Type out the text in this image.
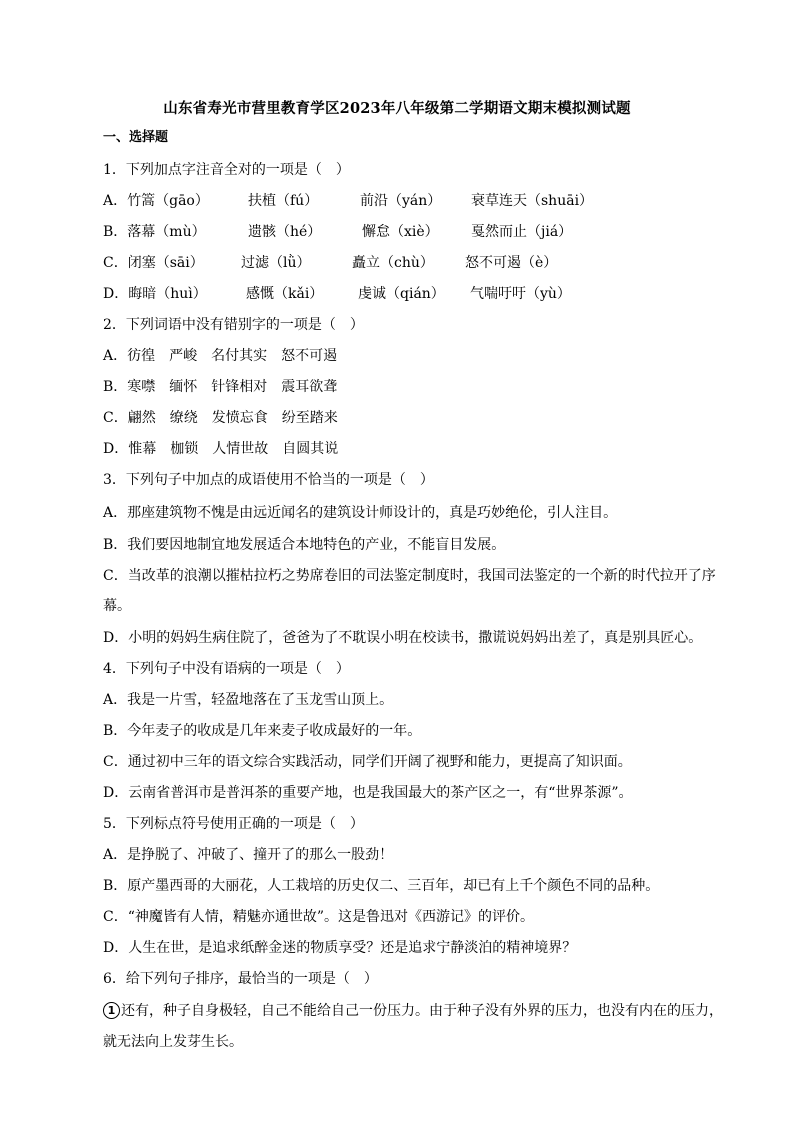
山东省寿光市营里教育学区2023年八年级第二学期语文期末模拟测试题
一、选择题
1．下列加点字注音全对的一项是（　）
A．竹篙（gāo）	扶植（fú）	前沿（yán） 衰草连天（shuāi）
B．落幕（mù）	遗骸（hé）	懈怠（xiè） 戛然而止（jiá）
C．闭塞（sāi）	过滤（lǜ）	矗立（chù） 怒不可遏（è）
D．晦暗（huì）	感慨（kǎi） 虔诚（qián） 气喘吁吁（yù）
2．下列词语中没有错别字的一项是（　）
A．彷徨　严峻　名付其实　怒不可遏
B．寒噤　缅怀　针锋相对　震耳欲聋
C．翩然　缭绕　发愤忘食　纷至踏来
D．惟幕　枷锁　人情世故　自圆其说
3．下列句子中加点的成语使用不恰当的一项是（　）
A．那座建筑物不愧是由远近闻名的建筑设计师设计的，真是巧妙绝伦，引人注目。
B．我们要因地制宜地发展适合本地特色的产业，不能盲目发展。
C．当改革的浪潮以摧枯拉朽之势席卷旧的司法鉴定制度时，我国司法鉴定的一个新的时代拉开了序
幕。
D．小明的妈妈生病住院了，爸爸为了不耽误小明在校读书，撒谎说妈妈出差了，真是别具匠心。
4．下列句子中没有语病的一项是（　）
A．我是一片雪，轻盈地落在了玉龙雪山顶上。
B．今年麦子的收成是几年来麦子收成最好的一年。
C．通过初中三年的语文综合实践活动，同学们开阔了视野和能力，更提高了知识面。
D．云南省普洱市是普洱茶的重要产地，也是我国最大的茶产区之一，有“世界茶源”。
5．下列标点符号使用正确的一项是（　）
A．是挣脱了、冲破了、撞开了的那么一股劲！
B．原产墨西哥的大丽花，人工栽培的历史仅二、三百年，却已有上千个颜色不同的品种。
C．“神魔皆有人情，精魅亦通世故”。这是鲁迅对《西游记》的评价。
D．人生在世，是追求纸醉金迷的物质享受？还是追求宁静淡泊的精神境界？
6．给下列句子排序，最恰当的一项是（　）
1 还有，种子自身极轻，自己不能给自己一份压力。由于种子没有外界的压力，也没有内在的压力，
就无法向上发芽生长。
